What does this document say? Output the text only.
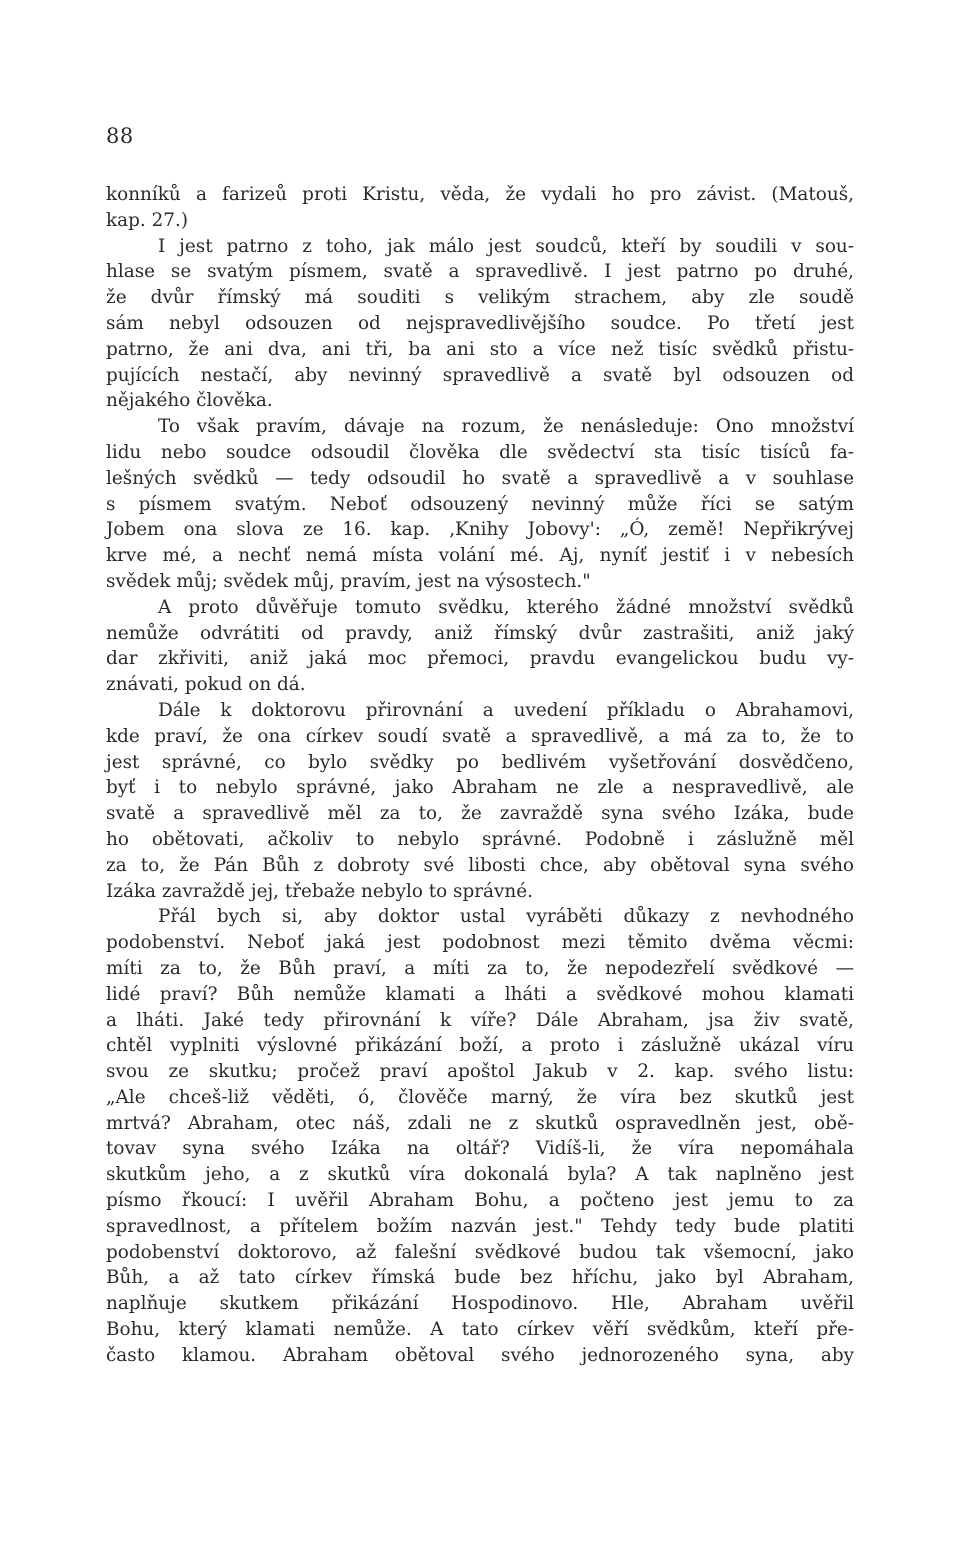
88
konníků a farizeů proti Kristu, věda, že vydali ho pro závist. (Matouš,
kap. 27.)
I jest patrno z toho, jak málo jest soudců, kteří by soudili v sou-
hlase se svatým písmem, svatě a spravedlivě. I jest patrno po druhé,
že dvůr římský má souditi s velikým strachem, aby zle soudě
sám nebyl odsouzen od nejspravedlivějšího soudce. Po třetí jest
patrno, že ani dva, ani tři, ba ani sto a více než tisíc svědků přistu-
pujících nestačí, aby nevinný spravedlivě a svatě byl odsouzen od
nějakého člověka.
To však pravím, dávaje na rozum, že nenásleduje: Ono množství
lidu nebo soudce odsoudil člověka dle svědectví sta tisíc tisíců fa-
lešných svědků — tedy odsoudil ho svatě a spravedlivě a v souhlase
s písmem svatým. Neboť odsouzený nevinný může říci se satým
Jobem ona slova ze 16. kap. ‚Knihy Jobovy': „Ó, země! Nepřikrývej
krve mé, a nechť nemá místa volání mé. Aj, nyníť jestiť i v nebesích
svědek můj; svědek můj, pravím, jest na výsostech."
A proto důvěřuje tomuto svědku, kterého žádné množství svědků
nemůže odvrátiti od pravdy, aniž římský dvůr zastrašiti, aniž jaký
dar zkřiviti, aniž jaká moc přemoci, pravdu evangelickou budu vy-
znávati, pokud on dá.
Dále k doktorovu přirovnání a uvedení příkladu o Abrahamovi,
kde praví, že ona církev soudí svatě a spravedlivě, a má za to, že to
jest správné, co bylo svědky po bedlivém vyšetřování dosvědčeno,
byť i to nebylo správné, jako Abraham ne zle a nespravedlivě, ale
svatě a spravedlivě měl za to, že zavraždě syna svého Izáka, bude
ho obětovati, ačkoliv to nebylo správné. Podobně i záslužně měl
za to, že Pán Bůh z dobroty své libosti chce, aby obětoval syna svého
Izáka zavraždě jej, třebaže nebylo to správné.
Přál bych si, aby doktor ustal vyráběti důkazy z nevhodného
podobenství. Neboť jaká jest podobnost mezi těmito dvěma věcmi:
míti za to, že Bůh praví, a míti za to, že nepodezřelí svědkové —
lidé praví? Bůh nemůže klamati a lháti a svědkové mohou klamati
a lháti. Jaké tedy přirovnání k víře? Dále Abraham, jsa živ svatě,
chtěl vyplniti výslovné přikázání boží, a proto i záslužně ukázal víru
svou ze skutku; pročež praví apoštol Jakub v 2. kap. svého listu:
„Ale chceš-liž věděti, ó, člověče marný, že víra bez skutků jest
mrtvá? Abraham, otec náš, zdali ne z skutků ospravedlněn jest, obě-
tovav syna svého Izáka na oltář? Vidíš-li, že víra nepomáhala
skutkům jeho, a z skutků víra dokonalá byla? A tak naplněno jest
písmo řkoucí: I uvěřil Abraham Bohu, a počteno jest jemu to za
spravedlnost, a přítelem božím nazván jest." Tehdy tedy bude platiti
podobenství doktorovo, až falešní svědkové budou tak všemocní, jako
Bůh, a až tato církev římská bude bez hříchu, jako byl Abraham,
naplňuje skutkem přikázání Hospodinovo. Hle, Abraham uvěřil
Bohu, který klamati nemůže. A tato církev věří svědkům, kteří pře-
často klamou. Abraham obětoval svého jednorozeného syna, aby
